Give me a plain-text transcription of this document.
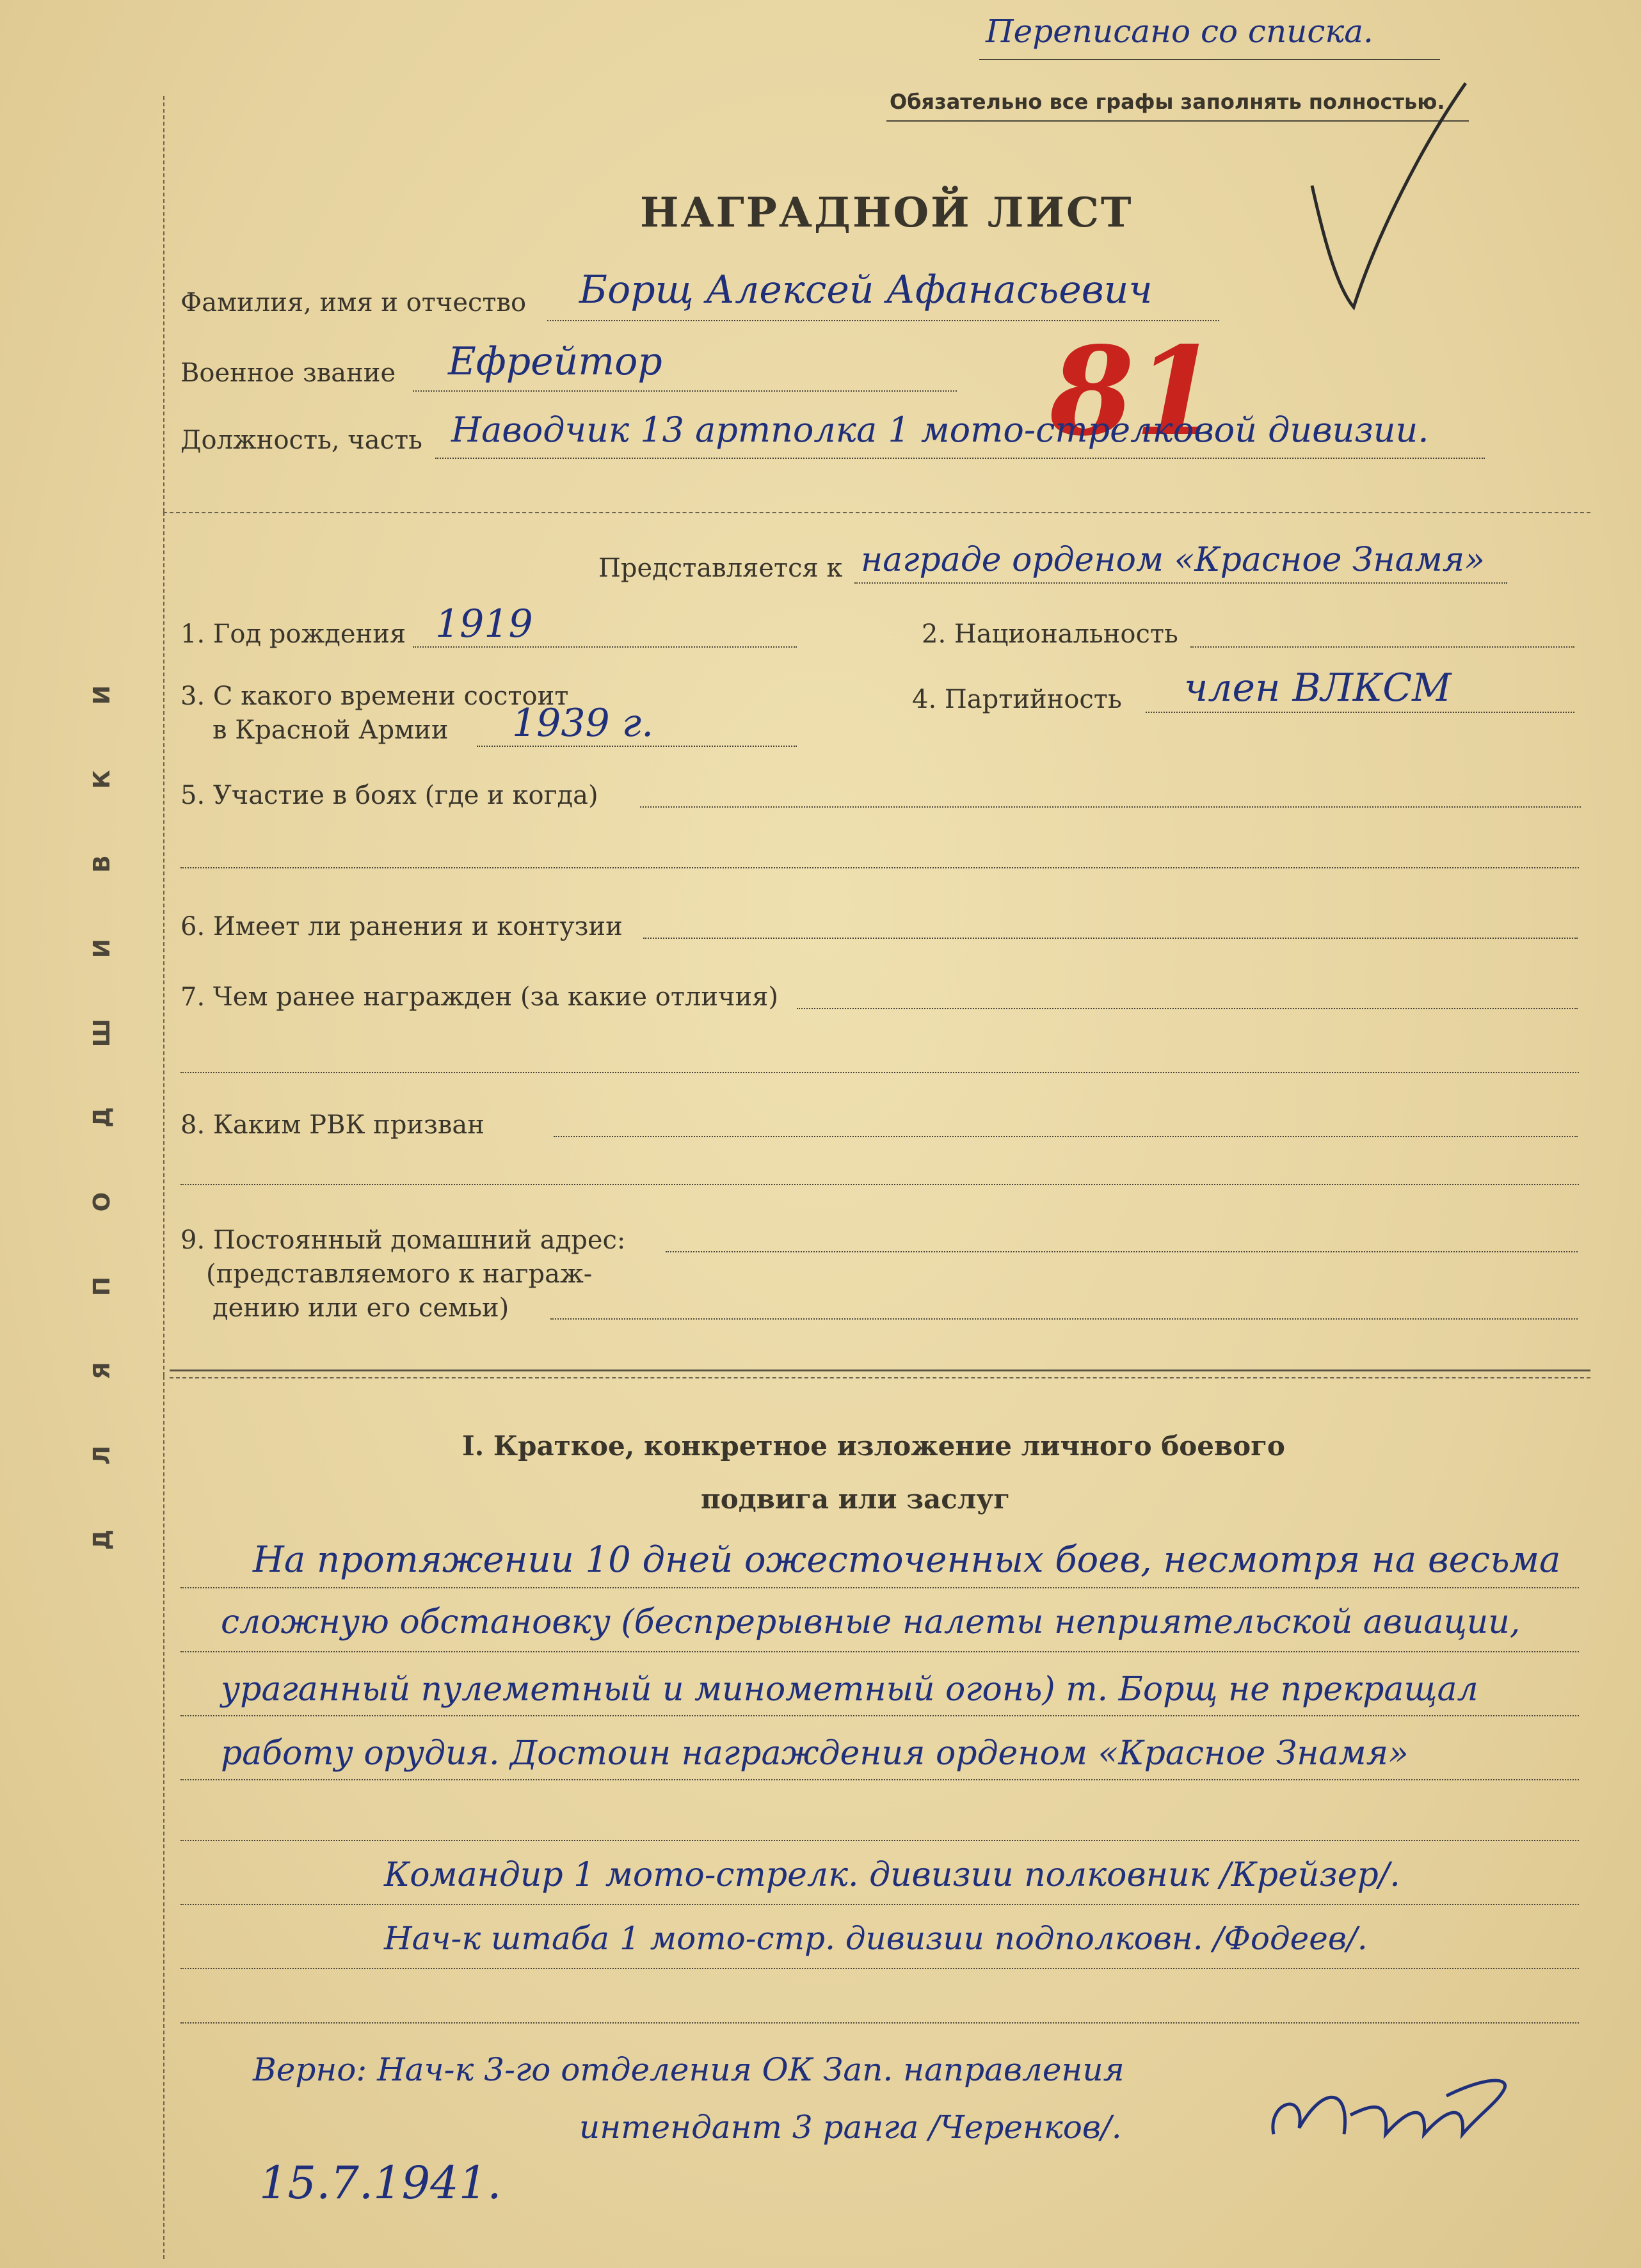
Переписано со списка.
Обязательно все графы заполнять полностью.
И
К
В
И
Ш
Д
О
П
Я
Л
Д
НАГРАДНОЙ ЛИСТ
Фамилия, имя и отчество Борщ Алексей Афанасьевич
Военное звание Ефрейтор	81
Должность, часть Наводчик 13 артполка 1 мото-стрелковой дивизии.
Представляется к награде орденом «Красное Знамя»
1. Год рождения 1919	2. Национальность
3. С какого времени состоит
в Красной Армии 1939 г.
4. Партийность член ВЛКСМ
5. Участие в боях (где и когда)
6. Имеет ли ранения и контузии
7. Чем ранее награжден (за какие отличия)
8. Каким РВК призван
9. Постоянный домашний адрес:
(представляемого к награж-
дению или его семьи)
I. Краткое, конкретное изложение личного боевого
подвига или заслуг
На протяжении 10 дней ожесточенных боев, несмотря на весьма
сложную обстановку (беспрерывные налеты неприятельской авиации,
ураганный пулеметный и минометный огонь) т. Борщ не прекращал
работу орудия. Достоин награждения орденом «Красное Знамя»
Командир 1 мото-стрелк. дивизии полковник /Крейзер/.
Нач-к штаба 1 мото-стр. дивизии подполковн. /Фодеев/.
Верно: Нач-к 3-го отделения ОК Зап. направления
интендант 3 ранга /Черенков/.
15.7.1941.
